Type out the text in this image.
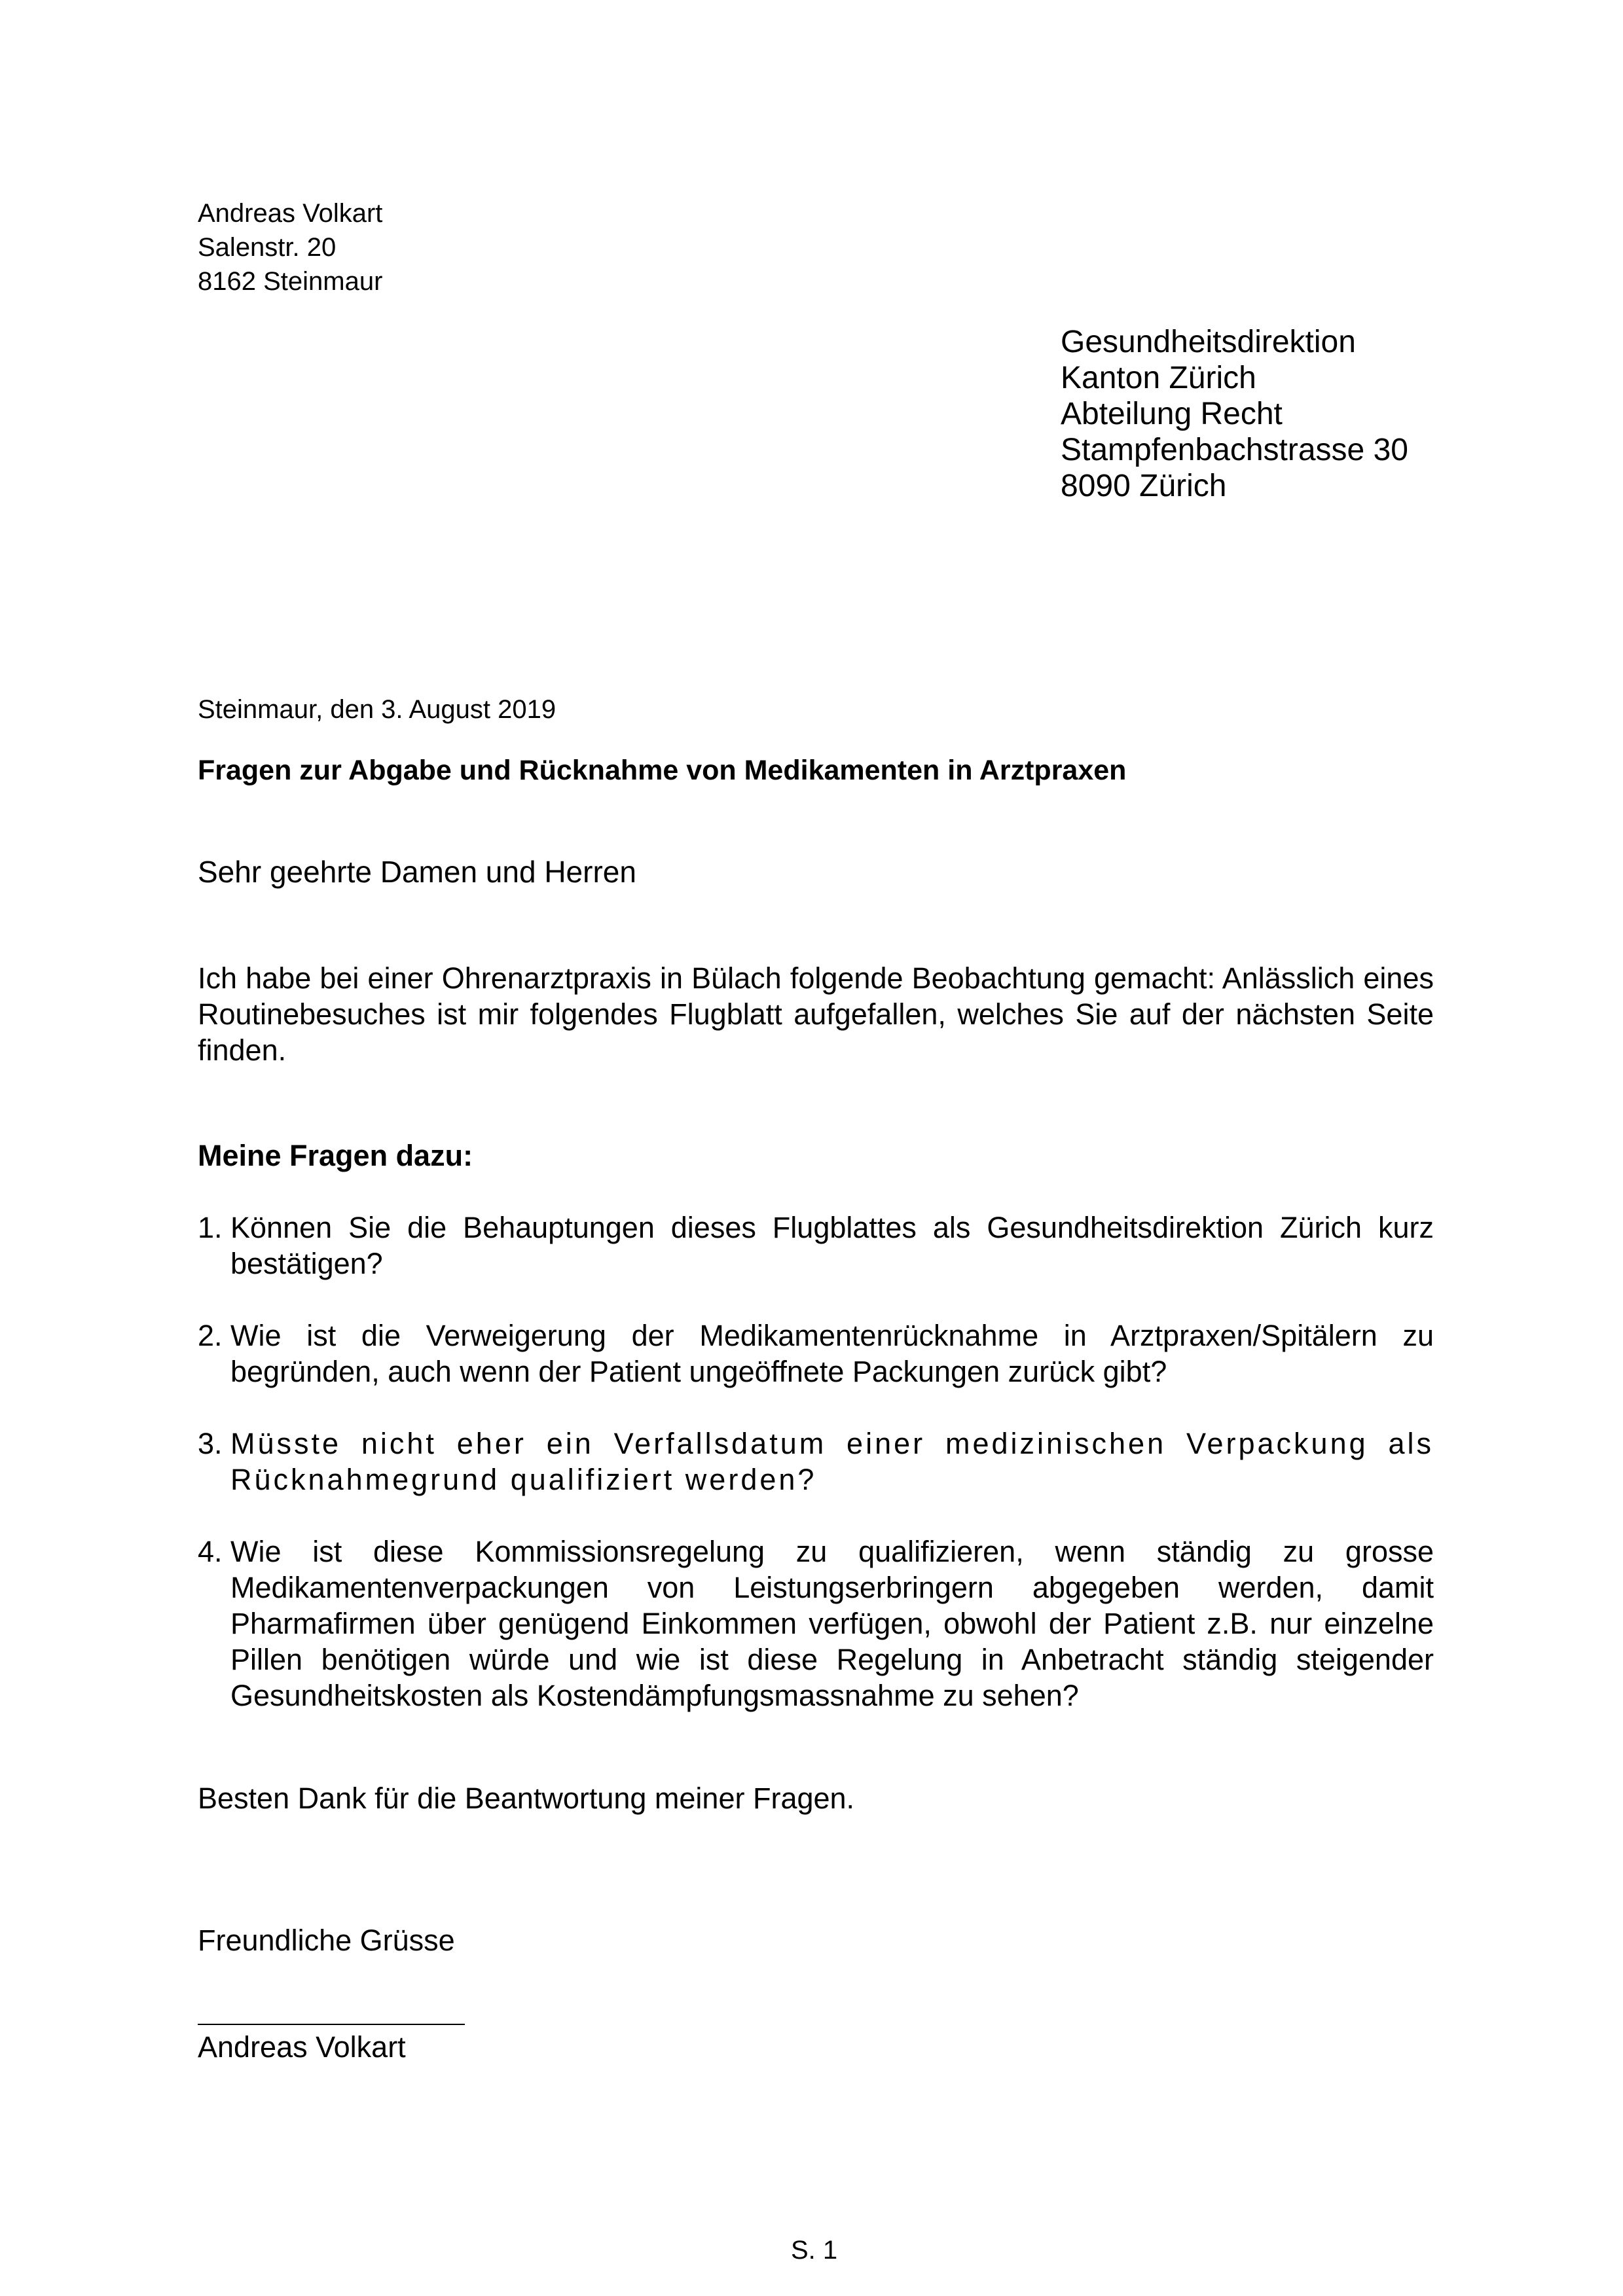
Andreas Volkart
Salenstr. 20
8162 Steinmaur
Gesundheitsdirektion
Kanton Zürich
Abteilung Recht
Stampfenbachstrasse 30
8090 Zürich
Steinmaur, den 3. August 2019
Fragen zur Abgabe und Rücknahme von Medikamenten in Arztpraxen
Sehr geehrte Damen und Herren

Ich habe bei einer Ohrenarztpraxis in Bülach folgende Beobachtung gemacht: Anlässlich eines Routinebesuches ist mir folgendes Flugblatt aufgefallen, welches Sie auf der nächsten Seite finden.

Meine Fragen dazu:
1. Können Sie die Behauptungen dieses Flugblattes als Gesundheitsdirektion Zürich kurz bestätigen?
2. Wie ist die Verweigerung der Medikamentenrücknahme in Arztpraxen/Spitälern zu begründen, auch wenn der Patient ungeöffnete Packungen zurück gibt?
3. Müsste nicht eher ein Verfallsdatum einer medizinischen Verpackung als Rücknahmegrund qualifiziert werden?
4. Wie ist diese Kommissionsregelung zu qualifizieren, wenn ständig zu grosse Medikamentenverpackungen von Leistungserbringern abgegeben werden, damit Pharmafirmen über genügend Einkommen verfügen, obwohl der Patient z.B. nur einzelne Pillen benötigen würde und wie ist diese Regelung in Anbetracht ständig steigender Gesundheitskosten als Kostendämpfungsmassnahme zu sehen?
Besten Dank für die Beantwortung meiner Fragen.
Freundliche Grüsse
Andreas Volkart
S. 1
